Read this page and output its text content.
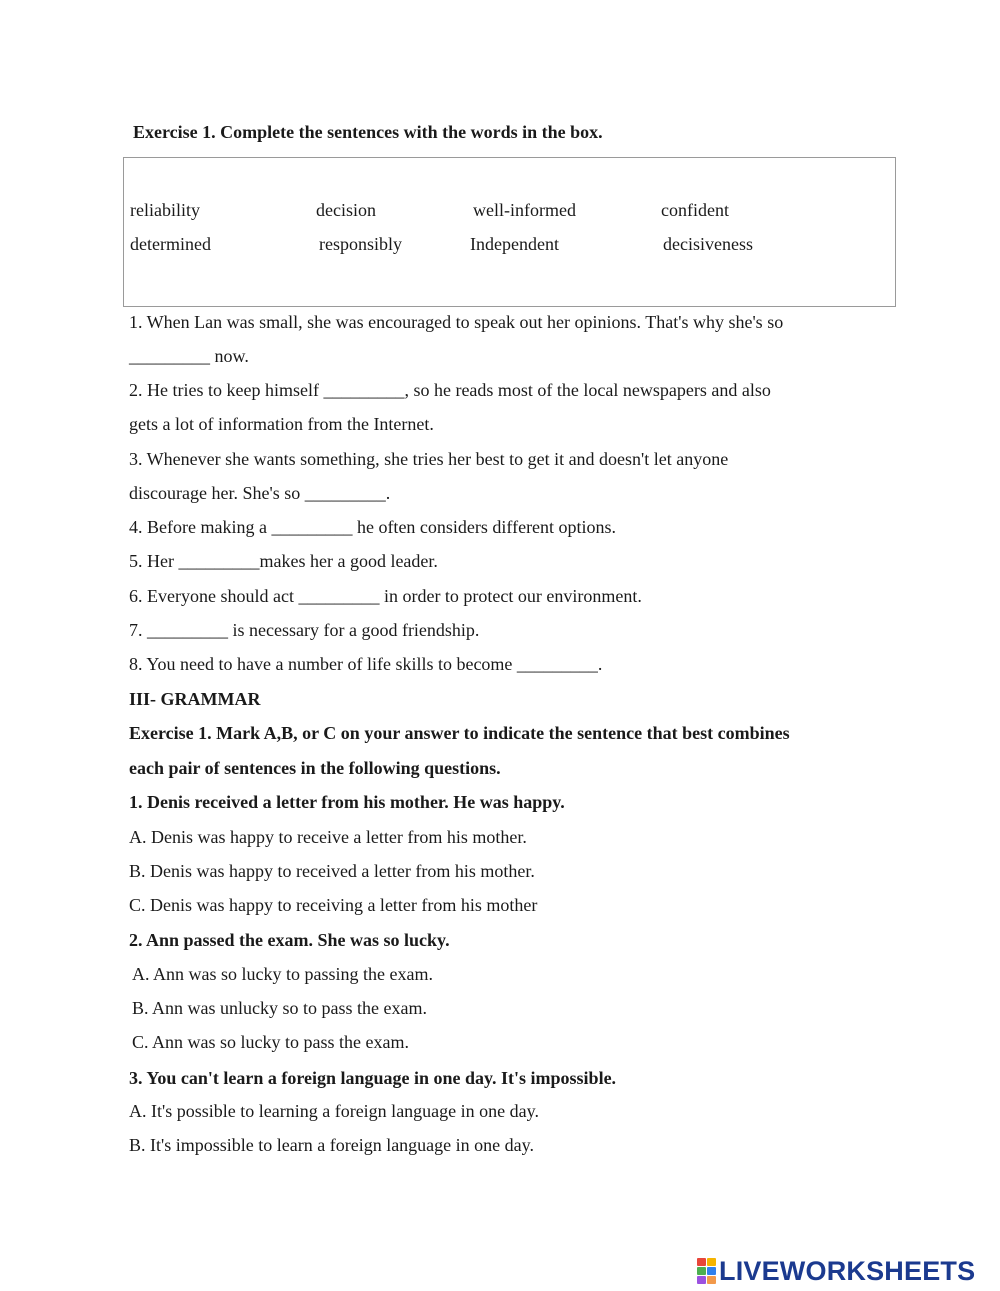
Exercise 1. Complete the sentences with the words in the box.
reliability	decision	well-informed	confident
determined	responsibly	Independent	decisiveness
1. When Lan was small, she was encouraged to speak out her opinions. That's why she's so
_________ now.
2. He tries to keep himself _________, so he reads most of the local newspapers and also
gets a lot of information from the Internet.
3. Whenever she wants something, she tries her best to get it and doesn't let anyone
discourage her. She's so _________.
4. Before making a _________ he often considers different options.
5. Her _________makes her a good leader.
6. Everyone should act _________ in order to protect our environment.
7. _________ is necessary for a good friendship.
8. You need to have a number of life skills to become _________.
III- GRAMMAR
Exercise 1. Mark A,B, or C on your answer to indicate the sentence that best combines
each pair of sentences in the following questions.
1. Denis received a letter from his mother. He was happy.
A. Denis was happy to receive a letter from his mother.
B. Denis was happy to received a letter from his mother.
C. Denis was happy to receiving a letter from his mother
2. Ann passed the exam. She was so lucky.
A. Ann was so lucky to passing the exam.
B. Ann was unlucky so to pass the exam.
C. Ann was so lucky to pass the exam.
3. You can't learn a foreign language in one day. It's impossible.
A. It's possible to learning a foreign language in one day.
B. It's impossible to learn a foreign language in one day.
LIVEWORKSHEETS
